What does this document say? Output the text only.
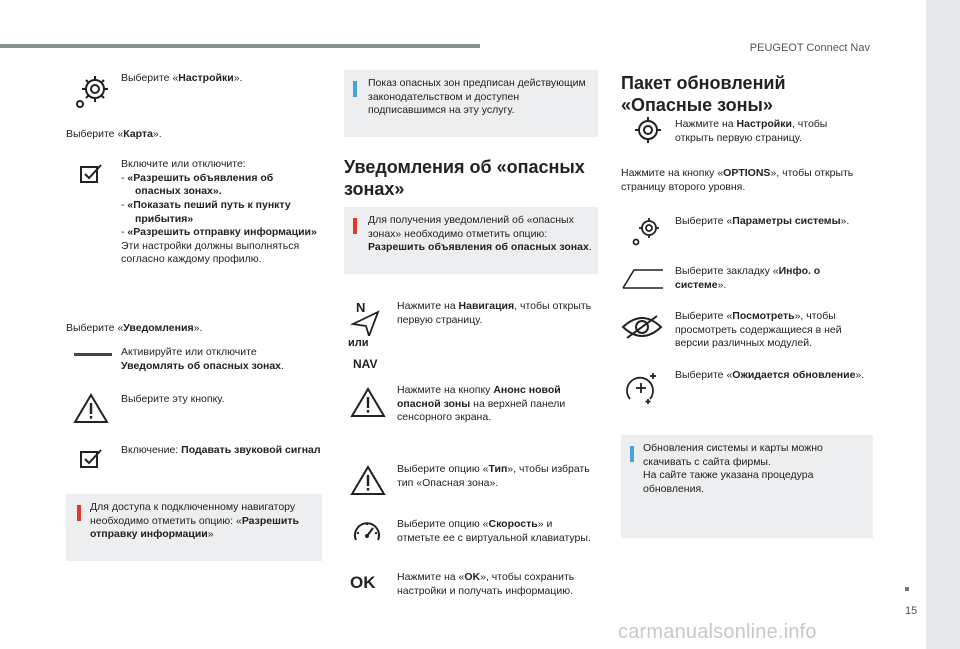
PEUGEOT Connect Nav
15
carmanualsonline.info
Выберите «Настройки».
Выберите «Карта».
Включите или отключите:
- «Разрешить объявления об опасных зонах».
- «Показать пеший путь к пункту прибытия»
- «Разрешить отправку информации»
Эти настройки должны выполняться согласно каждому профилю.
Выберите «Уведомления».
Активируйте или отключите
Уведомлять об опасных зонах.
Выберите эту кнопку.
Включение: Подавать звуковой сигнал
Для доступа к подключенному навигатору необходимо отметить опцию: «Разрешить отправку информации»
Показ опасных зон предписан действующим законодательством и доступен подписавшимся на эту услугу.
Уведомления об «опасных зонах»
Для получения уведомлений об «опасных зонах» необходимо отметить опцию: Разрешить объявления об опасных зонах.
N
или
NAV
Нажмите на Навигация, чтобы открыть первую страницу.
Нажмите на кнопку Анонс новой опасной зоны на верхней панели сенсорного экрана.
Выберите опцию «Тип», чтобы избрать тип «Опасная зона».
Выберите опцию «Скорость» и отметьте ее с виртуальной клавиатуры.
OK Нажмите на «OK», чтобы сохранить настройки и получать информацию.
Пакет обновлений «Опасные зоны»
Нажмите на Настройки, чтобы открыть первую страницу.
Нажмите на кнопку «OPTIONS», чтобы открыть страницу второго уровня.
Выберите «Параметры системы».
Выберите закладку «Инфо. о системе».
Выберите «Посмотреть», чтобы просмотреть содержащиеся в ней версии различных модулей.
Выберите «Ожидается обновление».
Обновления системы и карты можно скачивать с сайта фирмы.
На сайте также указана процедура обновления.
